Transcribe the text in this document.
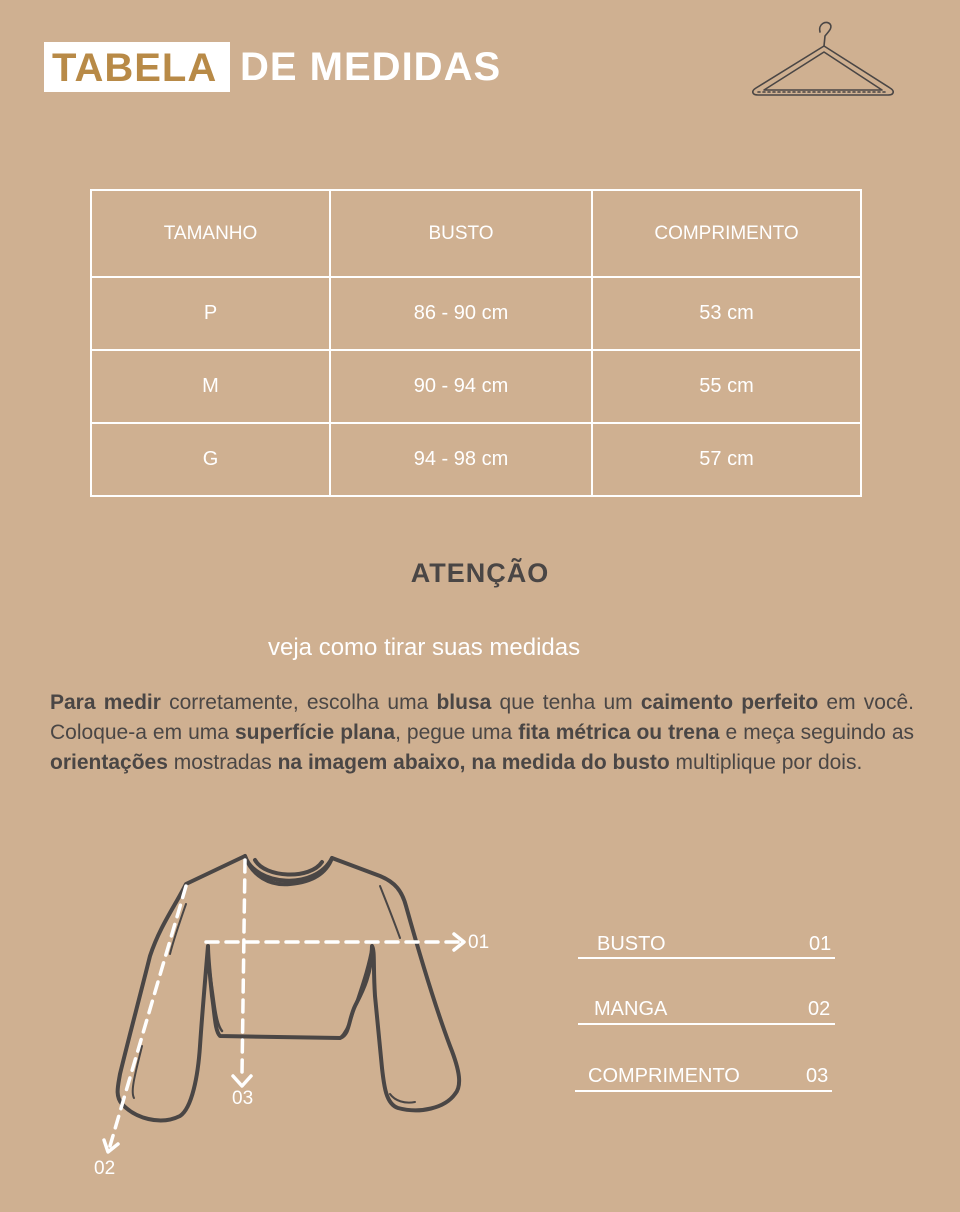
TABELA DE MEDIDAS
TAMANHO	BUSTO	COMPRIMENTO
P	86 - 90 cm	53 cm
M	90 - 94 cm	55 cm
G	94 - 98 cm	57 cm
ATENÇÃO
veja como tirar suas medidas
Para medir corretamente, escolha uma blusa que tenha um caimento perfeito em você. Coloque-a em uma superfície plana, pegue uma fita métrica ou trena e meça seguindo as orientações mostradas na imagem abaixo, na medida do busto multiplique por dois.
01
03
02
BUSTO	01
MANGA	02
COMPRIMENTO	03
